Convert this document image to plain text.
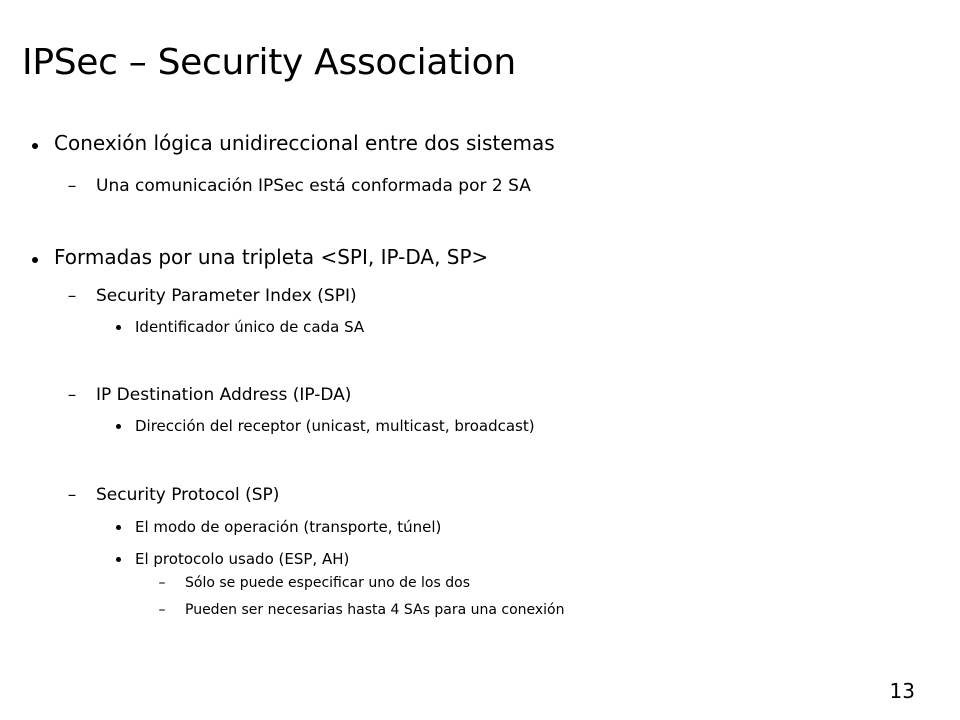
IPSec – Security Association
Conexión lógica unidireccional entre dos sistemas
–	Una comunicación IPSec está conformada por 2 SA
Formadas por una tripleta <SPI, IP-DA, SP>
–	Security Parameter Index (SPI)
Identificador único de cada SA
–	IP Destination Address (IP-DA)
Dirección del receptor (unicast, multicast, broadcast)
–	Security Protocol (SP)
El modo de operación (transporte, túnel)
El protocolo usado (ESP, AH)
–	Sólo se puede especificar uno de los dos
–	Pueden ser necesarias hasta 4 SAs para una conexión
13
